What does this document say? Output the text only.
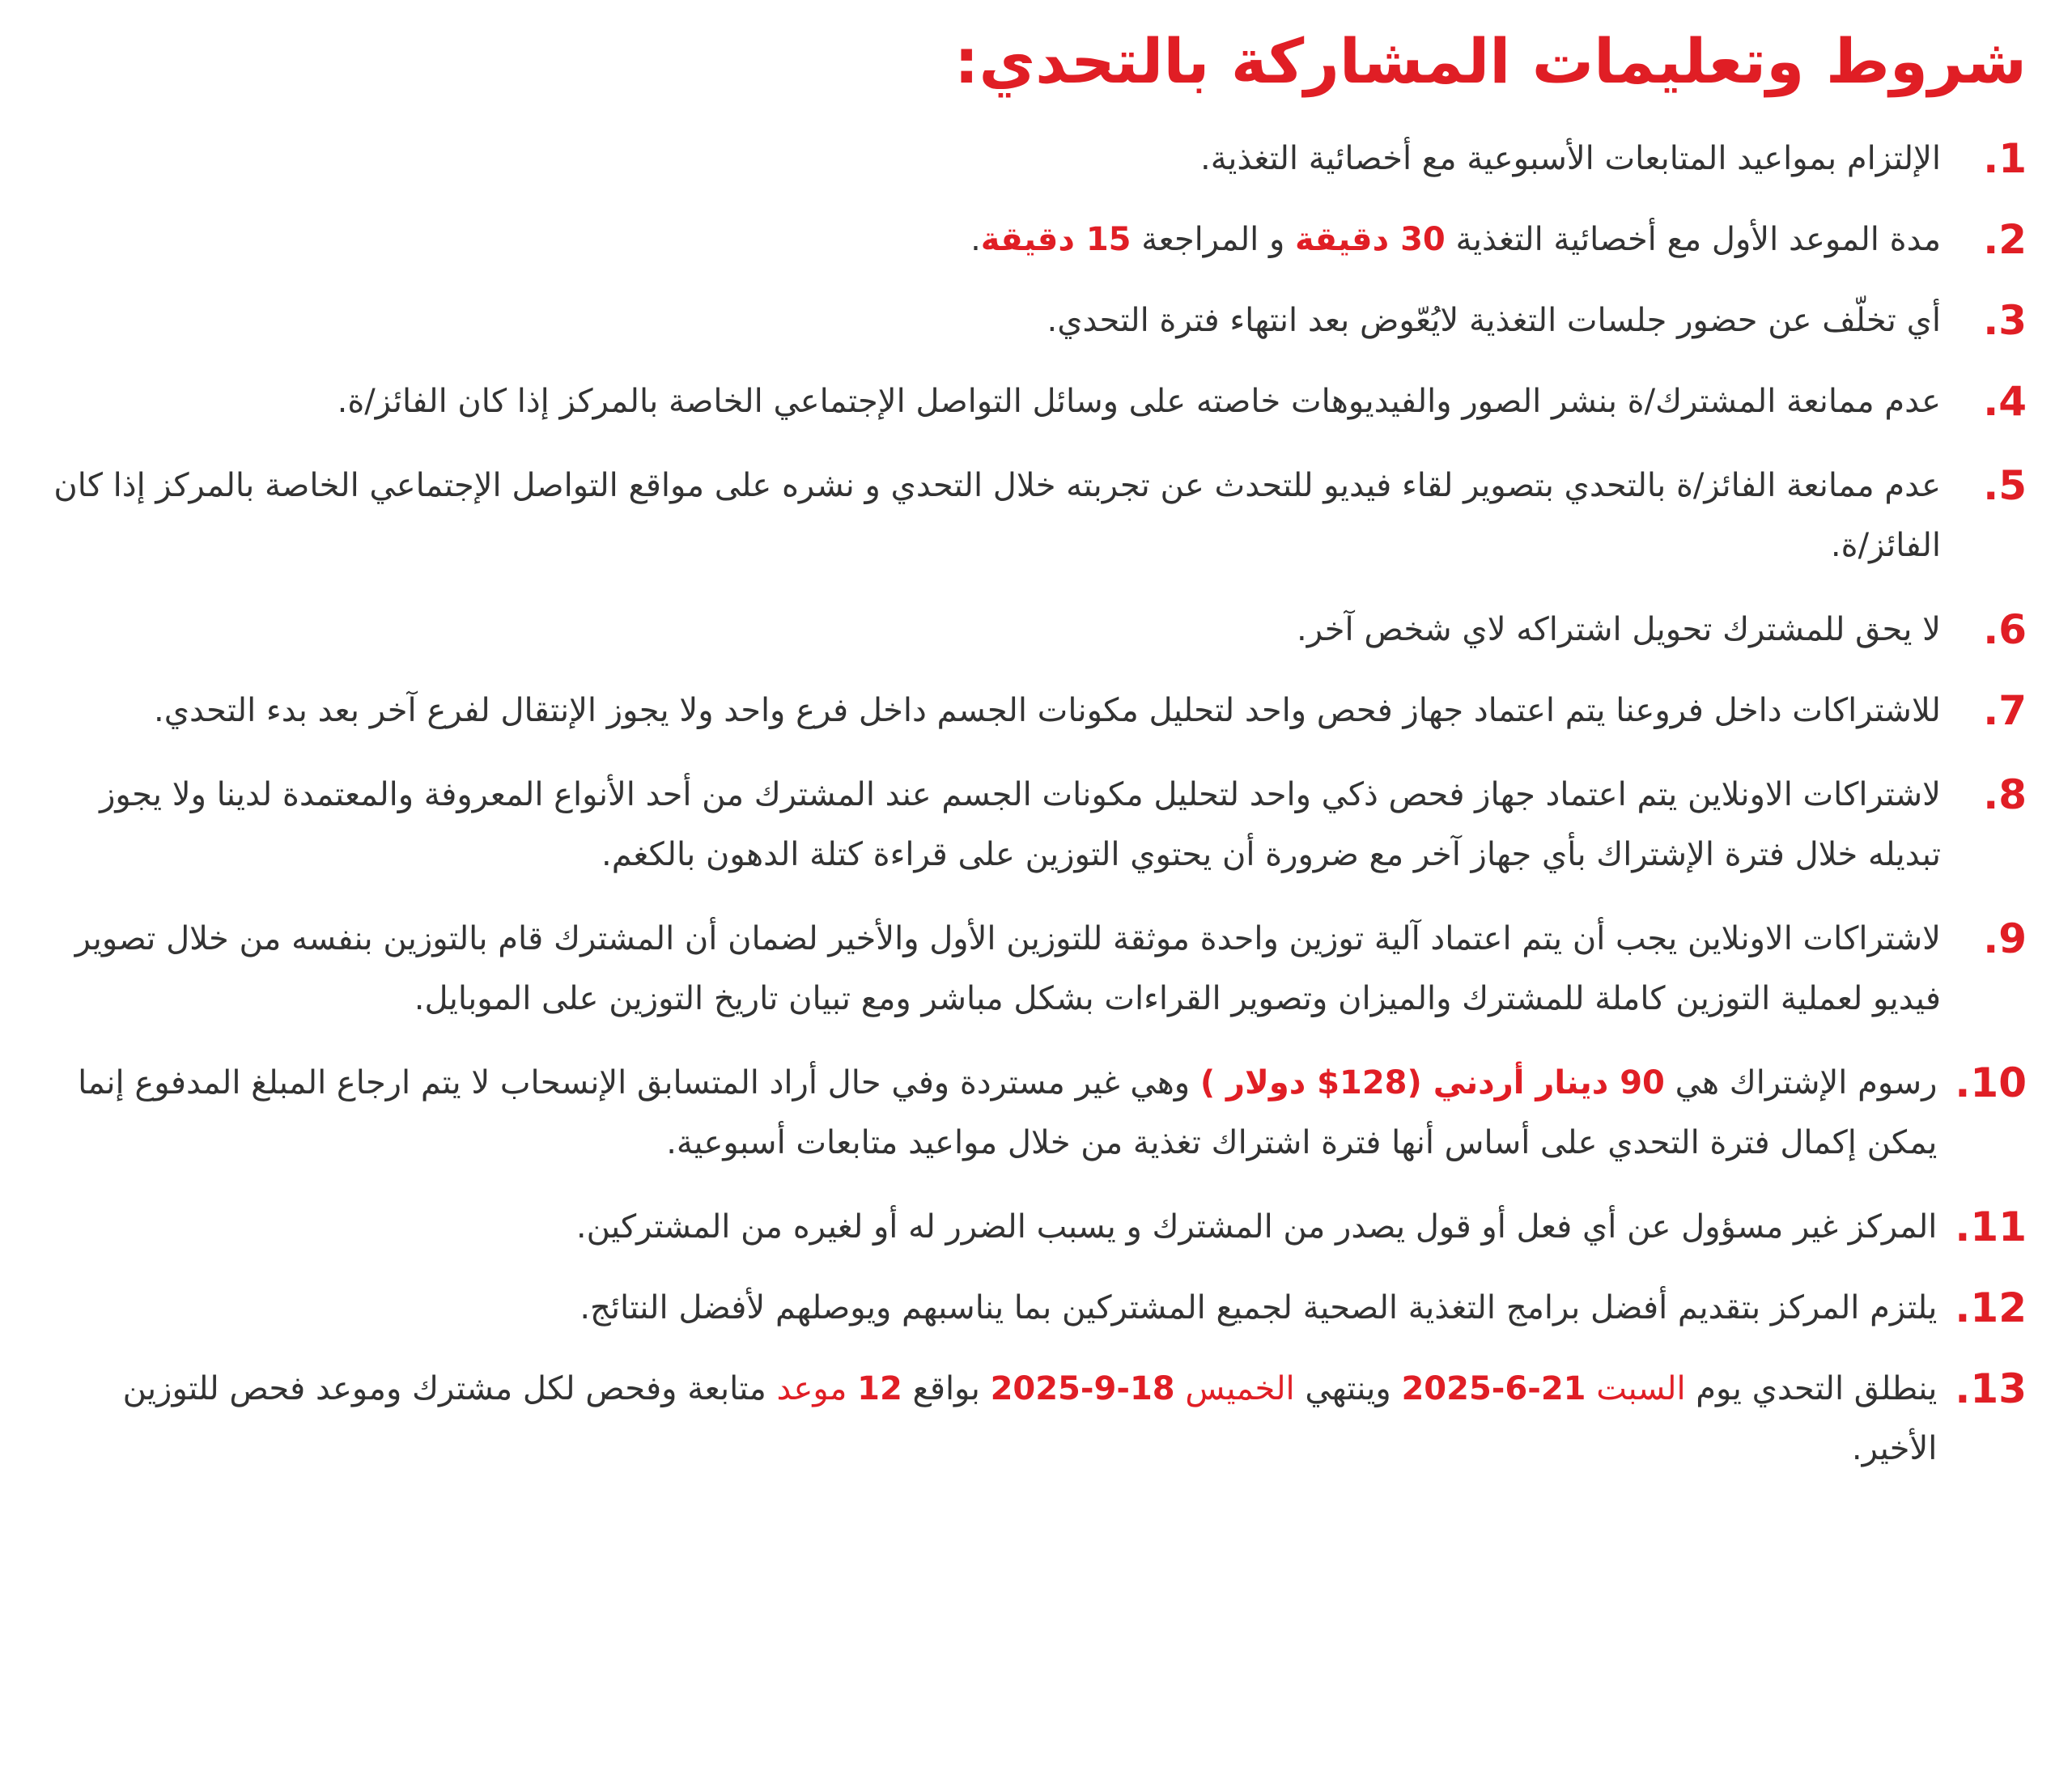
شروط وتعليمات المشاركة بالتحدي:
1
.
الإلتزام بمواعيد المتابعات الأسبوعية مع أخصائية التغذية.
2
.
مدة الموعد الأول مع أخصائية التغذية 30 دقيقة و المراجعة 15 دقيقة.
3
.
أي تخلّف عن حضور جلسات التغذية لايُعّوض بعد انتهاء فترة التحدي.
4
.
عدم ممانعة المشترك/ة بنشر الصور والفيديوهات خاصته على وسائل التواصل الإجتماعي الخاصة بالمركز إذا كان الفائز/ة.
5
.
عدم ممانعة الفائز/ة بالتحدي بتصوير لقاء فيديو للتحدث عن تجربته خلال التحدي و نشره على مواقع التواصل الإجتماعي الخاصة بالمركز إذا كان الفائز/ة.
6
.
لا يحق للمشترك تحويل اشتراكه لاي شخص آخر.
7
.
للاشتراكات داخل فروعنا يتم اعتماد جهاز فحص واحد لتحليل مكونات الجسم داخل فرع واحد ولا يجوز الإنتقال لفرع آخر بعد بدء التحدي.
8
.
لاشتراكات الاونلاين يتم اعتماد جهاز فحص ذكي واحد لتحليل مكونات الجسم عند المشترك من أحد الأنواع المعروفة والمعتمدة لدينا ولا يجوز تبديله خلال فترة الإشتراك بأي جهاز آخر مع ضرورة أن يحتوي التوزين على قراءة كتلة الدهون بالكغم.
9
.
لاشتراكات الاونلاين يجب أن يتم اعتماد آلية توزين واحدة موثقة للتوزين الأول والأخير لضمان أن المشترك قام بالتوزين بنفسه من خلال تصوير فيديو لعملية التوزين كاملة للمشترك والميزان وتصوير القراءات بشكل مباشر ومع تبيان تاريخ التوزين على الموبايل.
10
.
رسوم الإشتراك هي 90 دينار أردني (128$ دولار ) وهي غير مستردة وفي حال أراد المتسابق الإنسحاب لا يتم ارجاع المبلغ المدفوع إنما يمكن إكمال فترة التحدي على أساس أنها فترة اشتراك تغذية من خلال مواعيد متابعات أسبوعية.
11
.
المركز غير مسؤول عن أي فعل أو قول يصدر من المشترك و يسبب الضرر له أو لغيره من المشتركين.
12
.
يلتزم المركز بتقديم أفضل برامج التغذية الصحية لجميع المشتركين بما يناسبهم ويوصلهم لأفضل النتائج.
13
.
ينطلق التحدي يوم السبت 21-6-2025 وينتهي الخميس 18-9-2025 بواقع 12 موعد متابعة وفحص لكل مشترك وموعد فحص للتوزين الأخير.
